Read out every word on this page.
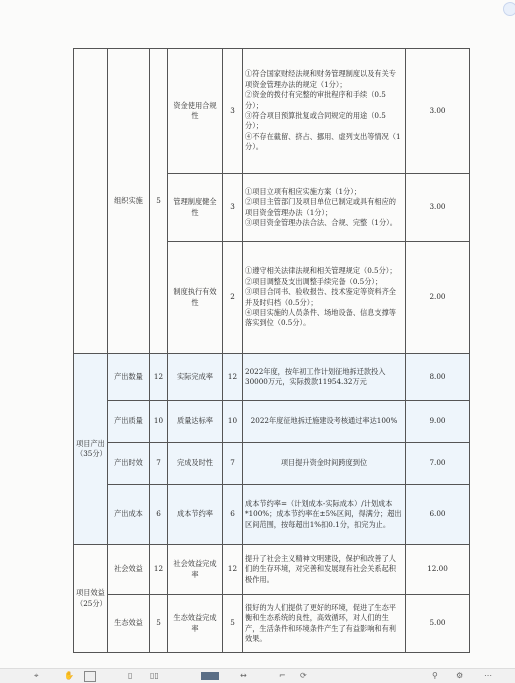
	组织实施	5	资金使用合规性	3	①符合国家财经法规和财务管理制度以及有关专项资金管理办法的规定（1分）；
②资金的拨付有完整的审批程序和手续（0.5分）；
③符合项目预算批复或合同规定的用途（0.5分）；
④不存在截留、挤占、挪用、虚列支出等情况（1分）。	3.00
			管理制度健全性	3	①项目立项有相应实施方案（1分）；
②项目主管部门及项目单位已制定或具有相应的项目资金管理办法（1分）；
③项目资金管理办法合法、合规、完整（1分）。	3.00
			制度执行有效性	2	①遵守相关法律法规和相关管理规定（0.5分）；
②项目调整及支出调整手续完备（0.5分）；
③项目合同书、验收报告、技术鉴定等资料齐全并及时归档（0.5分）；
④项目实施的人员条件、场地设备、信息支撑等落实到位（0.5分）。	2.00
项目产出（35分）	产出数量	12	实际完成率	12	2022年度，按年初工作计划征地拆迁款投入30000万元，实际拨款11954.32万元	8.00
	产出质量	10	质量达标率	10	2022年度征地拆迁施建设考核通过率达100%	9.00
	产出时效	7	完成及时性	7	项目提升资金时间跨度到位	7.00
	产出成本	6	成本节约率	6	成本节约率=（计划成本-实际成本）/计划成本*100%；成本节约率在±5%区间，得满分；超出区间范围，按每超出1%扣0.1分，扣完为止。	6.00
项目效益（25分）	社会效益	12	社会效益完成率	12	提升了社会主义精神文明建设，保护和改善了人们的生存环境，对完善和发展现有社会关系起积极作用。	12.00
	生态效益	5	生态效益完成率	5	很好的为人们提供了更好的环境，促进了生态平衡和生态系统的良性，高效循环，对人们的生产，生活条件和环境条件产生了有益影响和有利效果。	5.00
⌖	✋	▯ ▯▯	↔	⌐ ⟳	⚲ ⚙	⋯
